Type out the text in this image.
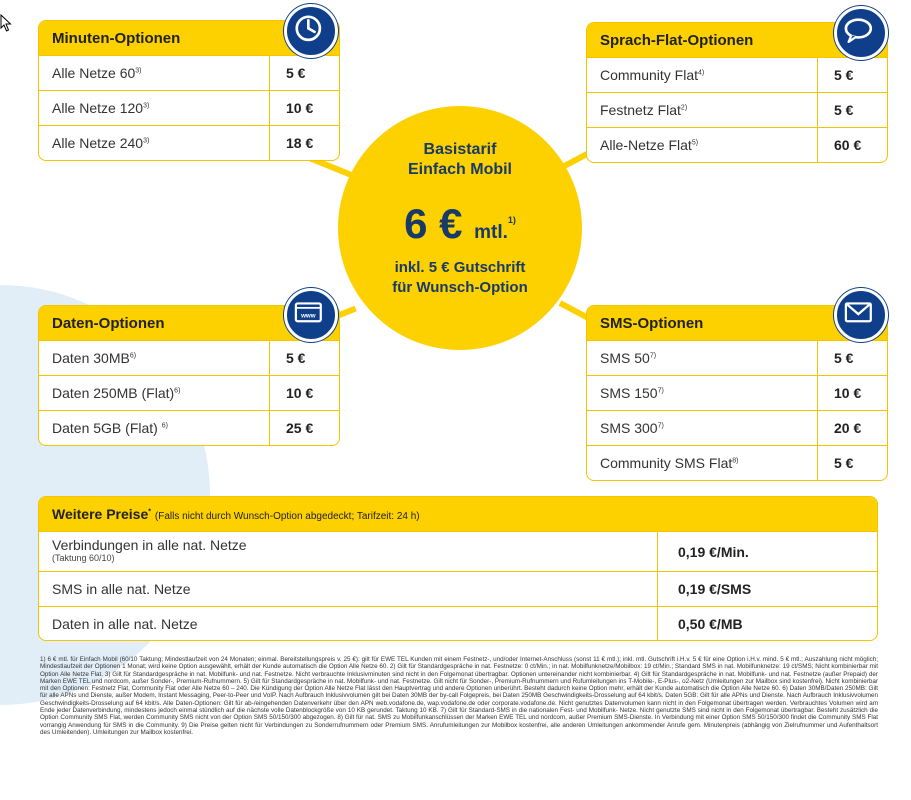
Minuten-Optionen
Alle Netze 60$^{3)}$	5 €
Alle Netze 120$^{3)}$	10 €
Alle Netze 240$^{3)}$	18 €
Sprach-Flat-Optionen
Community Flat$^{4)}$	5 €
Festnetz Flat$^{2)}$	5 €
Alle-Netze Flat$^{5)}$	60 €
Basistarif
Einfach Mobil
6 € mtl.$^{1)}$
inkl. 5 € Gutschrift
für Wunsch-Option
Daten-Optionen
Daten 30MB$^{6)}$	5 €
Daten 250MB (Flat)$^{6)}$	10 €
Daten 5GB (Flat) $^{6)}$	25 €
www	SMS-Optionen
SMS 50$^{7)}$	5 €
SMS 150$^{7)}$	10 €
SMS 300$^{7)}$	20 €
Community SMS Flat$^{8)}$	5 €
Weitere Preise* (Falls nicht durch Wunsch-Option abgedeckt; Tarifzeit: 24 h)
Verbindungen in alle nat. Netze
(Taktung 60/10)	0,19 €/Min.
SMS in alle nat. Netze	0,19 €/SMS
Daten in alle nat. Netze	0,50 €/MB
1) 6 € mtl. für Einfach Mobil (60/10 Taktung; Mindestlaufzeit von 24 Monaten; einmal. Bereitstellungspreis v. 25 €): gilt für EWE TEL Kunden mit einem Festnetz-, und/oder Internet-Anschluss (sonst 11 € mtl.); inkl. mtl. Gutschrift i.H.v. 5 € für eine Option i.H.v. mind. 5 € mtl.; Auszahlung nicht möglich; Mindestlaufzeit der Optionen 1 Monat; wird keine Option ausgewählt, erhält der Kunde automatisch die Option Alle Netze 60. 2) Gilt für Standardgespräche in nat. Festnetze: 0 ct/Min.; in nat. Mobilfunknetze/Mobilbox: 19 ct/Min.; Standard SMS in nat. Mobilfunknetze: 19 ct/SMS; Nicht kombinierbar mit Option Alle Netze Flat. 3) Gilt für Standardgespräche in nat. Mobilfunk- und nat. Festnetze. Nicht verbrauchte Inklusivminuten sind nicht in den Folgemonat übertragbar. Optionen untereinander nicht kombinierbar. 4) Gilt für Standardgespräche in nat. Mobilfunk- und nat. Festnetze (außer Prepaid) der Marken EWE TEL und nordcom, außer Sonder-, Premium-Rufnummern. 5) Gilt für Standardgespräche in nat. Mobilfunk- und nat. Festnetze. Gilt nicht für Sonder-, Premium-Rufnummern und Rufumleitungen ins T-Mobile-, E-Plus-, o2-Netz (Umleitungen zur Mailbox sind kostenfrei). Nicht kombinierbar mit den Optionen: Festnetz Flat, Community Flat oder Alle Netze 60 – 240. Die Kündigung der Option Alle Netze Flat lässt den Hauptvertrag und andere Optionen unberührt. Besteht dadurch keine Option mehr, erhält der Kunde automatisch die Option Alle Netze 60. 6) Daten 30MB/Daten 250MB: Gilt für alle APNs und Dienste, außer Modem, Instant Messaging, Peer-to-Peer und VoIP. Nach Aufbrauch Inklusivvolumen gilt bei Daten 30MB der by-call Folgepreis, bei Daten 250MB Geschwindigkeits-Drosselung auf 64 kbit/s. Daten 5GB: Gilt für alle APNs und Dienste. Nach Aufbrauch Inklusivvolumen Geschwindigkeits-Drosselung auf 64 kbit/s. Alle Daten-Optionen: Gilt für ab-/eingehenden Datenverkehr über den APN web.vodafone.de, wap.vodafone.de oder corporate.vodafone.de. Nicht genutztes Datenvolumen kann nicht in den Folgemonat übertragen werden. Verbrauchtes Volumen wird am Ende jeder Datenverbindung, mindestens jedoch einmal stündlich auf die nächste volle Datenblockgröße von 10 KB gerundet. Taktung 10 KB. 7) Gilt für Standard-SMS in die nationalen Fest- und Mobilfunk- Netze. Nicht genutzte SMS sind nicht in den Folgemonat übertragbar. Besteht zusätzlich die Option Community SMS Flat, werden Community SMS nicht von der Option SMS 50/150/300 abgezogen. 8) Gilt für nat. SMS zu Mobilfunkanschlüssen der Marken EWE TEL und nordcom, außer Premium SMS-Dienste. In Verbindung mit einer Option SMS 50/150/300 findet die Community SMS Flat vorrangig Anwendung für SMS in die Community. 9) Die Preise gelten nicht für Verbindungen zu Sonderrufnummern oder Premium SMS. Anrufumleitungen zur Mobilbox kostenfrei, alle anderen Umleitungen ankommender Anrufe gem. Minutenpreis (abhängig von Zielrufnummer und Aufenthaltsort des Umleitenden). Umleitungen zur Mailbox kostenfrei.
